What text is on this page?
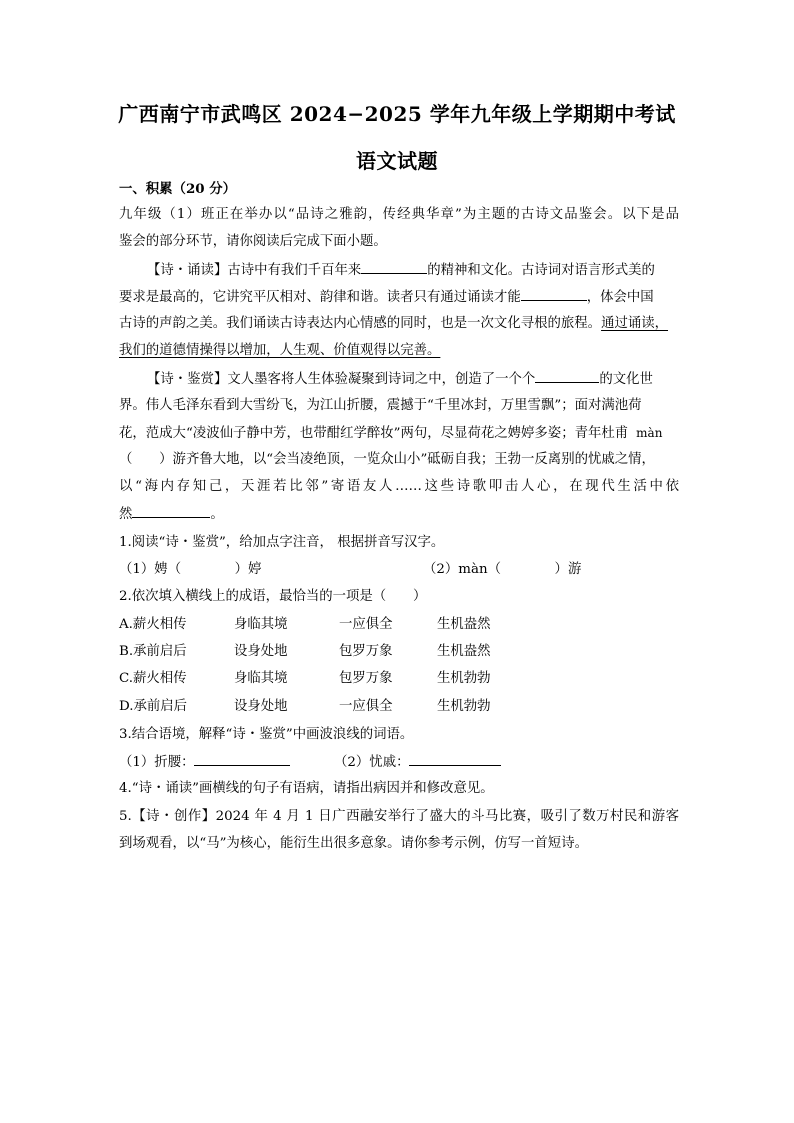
广西南宁市武鸣区 2024−2025 学年九年级上学期期中考试
语文试题
一、积累（20 分）
九年级（1）班正在举办以“品诗之雅韵，传经典华章”为主题的古诗文品鉴会。以下是品
鉴会的部分环节，请你阅读后完成下面小题。
【诗・诵读】古诗中有我们千百年来	的精神和文化。古诗词对语言形式美的
要求是最高的，它讲究平仄相对、韵律和谐。读者只有通过诵读才能	，体会中国
古诗的声韵之美。我们诵读古诗表达内心情感的同时，也是一次文化寻根的旅程。通过诵读，
我们的道德情操得以增加，人生观、价值观得以完善。
【诗・鉴赏】文人墨客将人生体验凝聚到诗词之中，创造了一个个	的文化世
界。伟人毛泽东看到大雪纷飞，为江山折腰，震撼于“千里冰封，万里雪飘”；面对满池荷
花，范成大“凌波仙子静中芳，也带酣红学醉妆”两句，尽显荷花之娉婷多姿；青年杜甫 màn
（　　）游齐鲁大地，以“会当凌绝顶，一览众山小”砥砺自我；王勃一反离别的忧戚之情，
以“海内存知己，天涯若比邻”寄语友人……这些诗歌叩击人心，在现代生活中依
然	。
1.阅读“诗・鉴赏”，给加点字注音， 根据拼音写汉字。
（1）娉（　　　　）婷	（2）màn（　　　　）游
2.依次填入横线上的成语，最恰当的一项是（　　）
A.薪火相传	身临其境	一应俱全	生机盎然
B.承前启后	设身处地	包罗万象	生机盎然
C.薪火相传	身临其境	包罗万象	生机勃勃
D.承前启后	设身处地	一应俱全	生机勃勃
3.结合语境，解释“诗・鉴赏”中画波浪线的词语。
（1）折腰：	（2）忧戚：
4.“诗・诵读”画横线的句子有语病，请指出病因并和修改意见。
5.【诗・创作】2024 年 4 月 1 日广西融安举行了盛大的斗马比赛，吸引了数万村民和游客
到场观看，以“马”为核心，能衍生出很多意象。请你参考示例，仿写一首短诗。
